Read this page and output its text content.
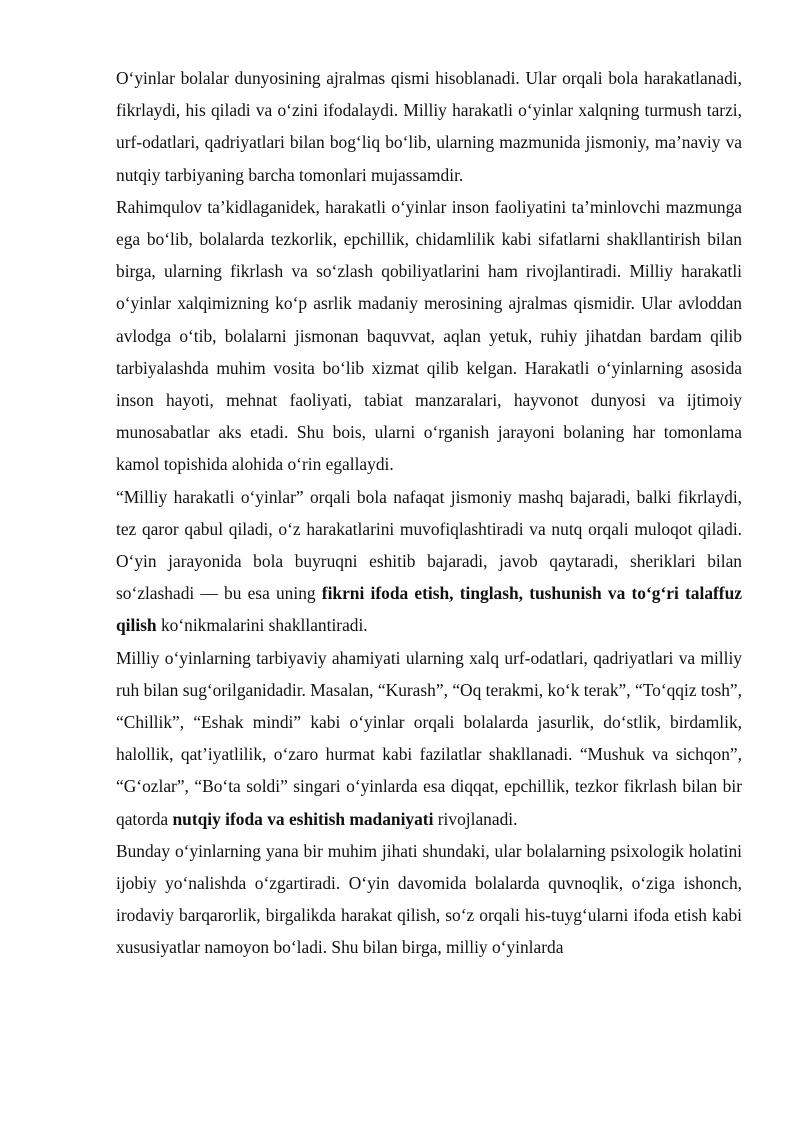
O‘yinlar bolalar dunyosining ajralmas qismi hisoblanadi. Ular orqali bola harakatlanadi, fikrlaydi, his qiladi va o‘zini ifodalaydi. Milliy harakatli o‘yinlar xalqning turmush tarzi, urf-odatlari, qadriyatlari bilan bog‘liq bo‘lib, ularning mazmunida jismoniy, ma’naviy va nutqiy tarbiyaning barcha tomonlari mujassamdir.

Rahimqulov ta’kidlaganidek, harakatli o‘yinlar inson faoliyatini ta’minlovchi mazmunga ega bo‘lib, bolalarda tezkorlik, epchillik, chidamlilik kabi sifatlarni shakllantirish bilan birga, ularning fikrlash va so‘zlash qobiliyatlarini ham rivojlantiradi. Milliy harakatli o‘yinlar xalqimizning ko‘p asrlik madaniy merosining ajralmas qismidir. Ular avloddan avlodga o‘tib, bolalarni jismonan baquvvat, aqlan yetuk, ruhiy jihatdan bardam qilib tarbiyalashda muhim vosita bo‘lib xizmat qilib kelgan. Harakatli o‘yinlarning asosida inson hayoti, mehnat faoliyati, tabiat manzaralari, hayvonot dunyosi va ijtimoiy munosabatlar aks etadi. Shu bois, ularni o‘rganish jarayoni bolaning har tomonlama kamol topishida alohida o‘rin egallaydi.

“Milliy harakatli o‘yinlar” orqali bola nafaqat jismoniy mashq bajaradi, balki fikrlaydi, tez qaror qabul qiladi, o‘z harakatlarini muvofiqlashtiradi va nutq orqali muloqot qiladi. O‘yin jarayonida bola buyruqni eshitib bajaradi, javob qaytaradi, sheriklari bilan so‘zlashadi — bu esa uning fikrni ifoda etish, tinglash, tushunish va to‘g‘ri talaffuz qilish ko‘nikmalarini shakllantiradi.

Milliy o‘yinlarning tarbiyaviy ahamiyati ularning xalq urf-odatlari, qadriyatlari va milliy ruh bilan sug‘orilganidadir. Masalan, “Kurash”, “Oq terakmi, ko‘k terak”, “To‘qqiz tosh”, “Chillik”, “Eshak mindi” kabi o‘yinlar orqali bolalarda jasurlik, do‘stlik, birdamlik, halollik, qat’iyatlilik, o‘zaro hurmat kabi fazilatlar shakllanadi. “Mushuk va sichqon”, “G‘ozlar”, “Bo‘ta soldi” singari o‘yinlarda esa diqqat, epchillik, tezkor fikrlash bilan bir qatorda nutqiy ifoda va eshitish madaniyati rivojlanadi.

Bunday o‘yinlarning yana bir muhim jihati shundaki, ular bolalarning psixologik holatini ijobiy yo‘nalishda o‘zgartiradi. O‘yin davomida bolalarda quvnoqlik, o‘ziga ishonch, irodaviy barqarorlik, birgalikda harakat qilish, so‘z orqali his-tuyg‘ularni ifoda etish kabi xususiyatlar namoyon bo‘ladi. Shu bilan birga, milliy o‘yinlarda
